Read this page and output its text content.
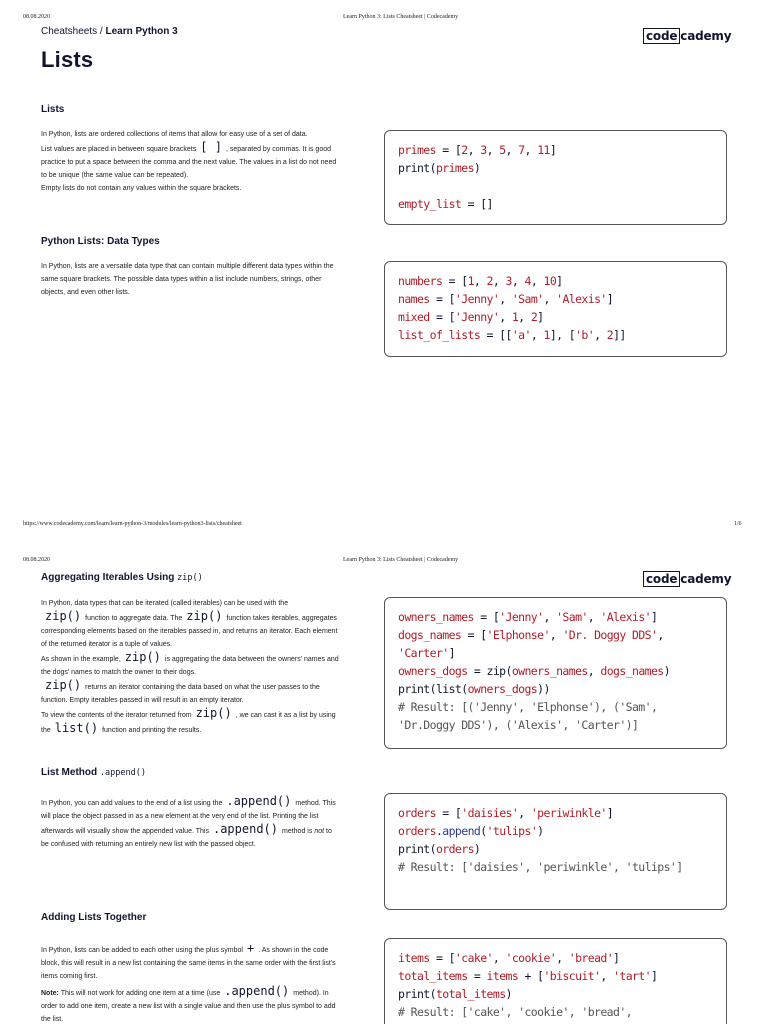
08.08.2020	Learn Python 3: Lists Cheatsheet | Codecademy
Cheatsheets / Learn Python 3	code cademy
Lists
Lists

In Python, lists are ordered collections of items that allow for easy use of a set of data.

List values are placed in between square brackets [ ] , separated by commas. It is good practice to put a space between the comma and the next value. The values in a list do not need to be unique (the same value can be repeated).

Empty lists do not contain any values within the square brackets.

primes = [2, 3, 5, 7, 11]
print(primes)
empty_list = []
Python Lists: Data Types

In Python, lists are a versatile data type that can contain multiple different data types within the same square brackets. The possible data types within a list include numbers, strings, other objects, and even other lists.

numbers = [1, 2, 3, 4, 10]
names = ['Jenny', 'Sam', 'Alexis']
mixed = ['Jenny', 1, 2]
list_of_lists = [['a', 1], ['b', 2]]
https://www.codecademy.com/learn/learn-python-3/modules/learn-python3-lists/cheatsheet	1/6
08.08.2020	Learn Python 3: Lists Cheatsheet | Codecademy
code cademy
Aggregating Iterables Using zip()

In Python, data types that can be iterated (called iterables) can be used with the zip() function to aggregate data. The zip() function takes iterables, aggregates corresponding elements based on the iterables passed in, and returns an iterator. Each element of the returned iterator is a tuple of values.

As shown in the example, zip() is aggregating the data between the owners' names and the dogs' names to match the owner to their dogs.

zip() returns an iterator containing the data based on what the user passes to the function. Empty iterables passed in will result in an empty iterator.

To view the contents of the iterator returned from zip() , we can cast it as a list by using the list() function and printing the results.

owners_names = ['Jenny', 'Sam', 'Alexis']
dogs_names = ['Elphonse', 'Dr. Doggy DDS', 'Carter']
owners_dogs = zip(owners_names, dogs_names)
print(list(owners_dogs))
# Result: [('Jenny', 'Elphonse'), ('Sam', 'Dr.Doggy DDS'), ('Alexis', 'Carter')]
List Method .append()

In Python, you can add values to the end of a list using the .append() method. This will place the object passed in as a new element at the very end of the list. Printing the list afterwards will visually show the appended value. This .append() method is not to be confused with returning an entirely new list with the passed object.

orders = ['daisies', 'periwinkle']
orders.append('tulips')
print(orders)
# Result: ['daisies', 'periwinkle', 'tulips']
Adding Lists Together

In Python, lists can be added to each other using the plus symbol + . As shown in the code block, this will result in a new list containing the same items in the same order with the first list's items coming first.

Note: This will not work for adding one item at a time (use .append() method). In order to add one item, create a new list with a single value and then use the plus symbol to add the list.

items = ['cake', 'cookie', 'bread']
total_items = items + ['biscuit', 'tart']
print(total_items)
# Result: ['cake', 'cookie', 'bread',
